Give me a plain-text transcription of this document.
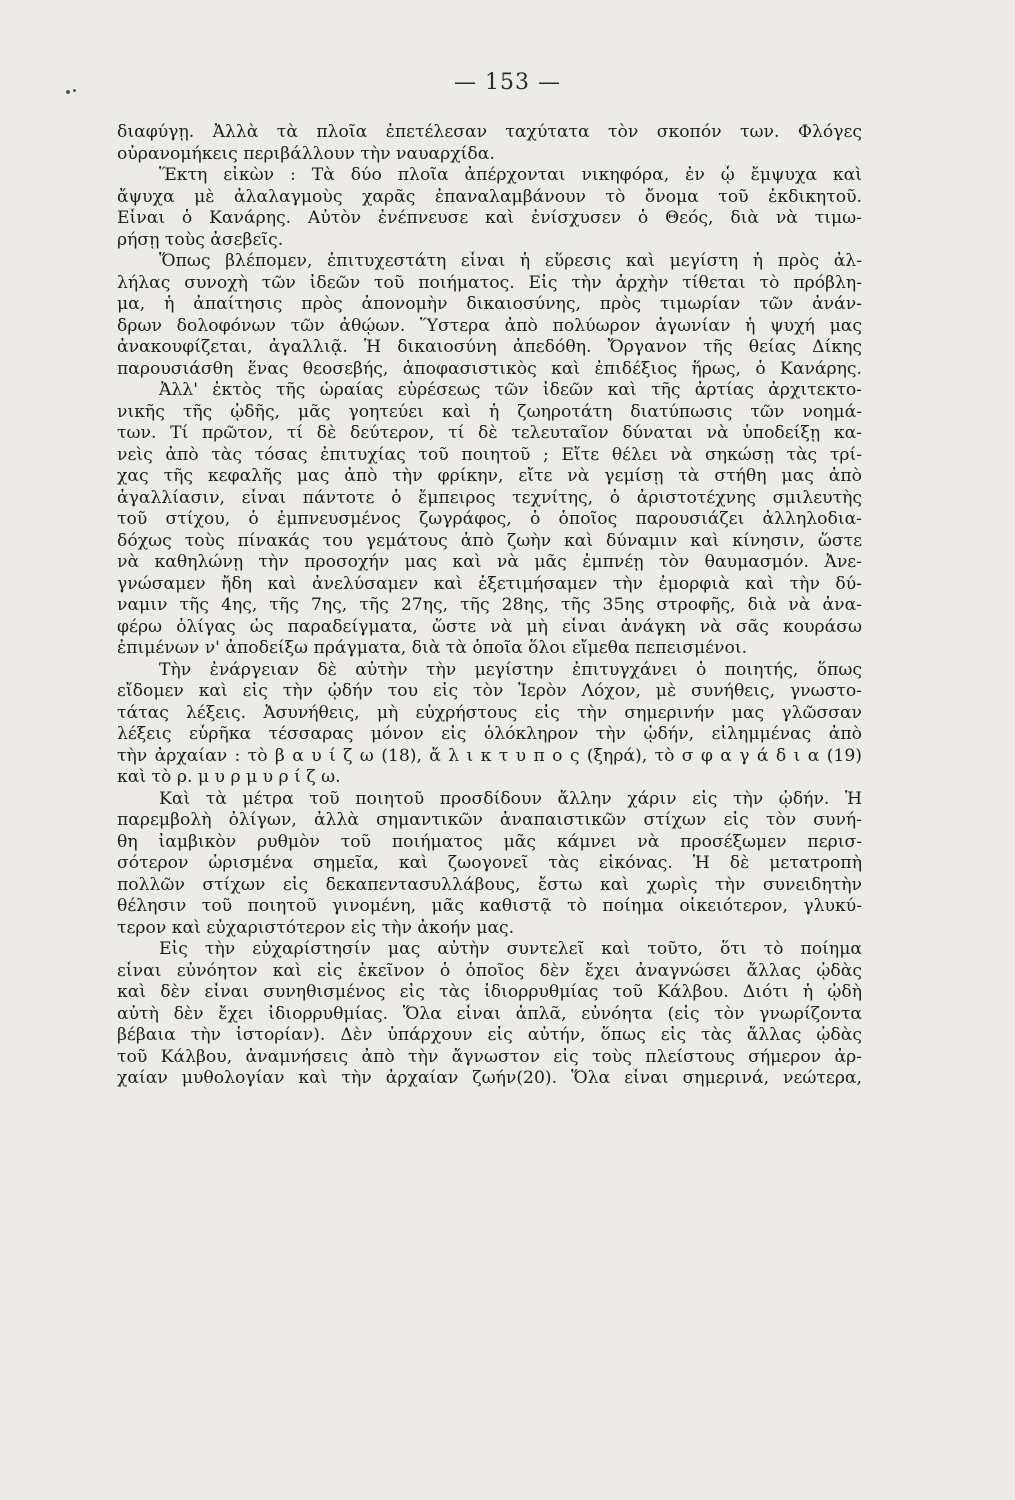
— 153 —
διαφύγῃ. Ἀλλὰ τὰ πλοῖα ἐπετέλεσαν ταχύτατα τὸν σκοπόν των. Φλόγες
οὐρανομήκεις περιβάλλουν τὴν ναυαρχίδα.
Ἕκτη εἰκὼν : Τὰ δύο πλοῖα ἀπέρχονται νικηφόρα, ἐν ᾧ ἔμψυχα καὶ
ἄψυχα μὲ ἀλαλαγμοὺς χαρᾶς ἐπαναλαμβάνουν τὸ ὄνομα τοῦ ἐκδικητοῦ.
Εἶναι ὁ Κανάρης. Αὐτὸν ἐνέπνευσε καὶ ἐνίσχυσεν ὁ Θεός, διὰ νὰ τιμω-
ρήσῃ τοὺς ἀσεβεῖς.
Ὅπως βλέπομεν, ἐπιτυχεστάτη εἶναι ἡ εὕρεσις καὶ μεγίστη ἡ πρὸς ἀλ-
λήλας συνοχὴ τῶν ἰδεῶν τοῦ ποιήματος. Εἰς τὴν ἀρχὴν τίθεται τὸ πρόβλη-
μα, ἡ ἀπαίτησις πρὸς ἀπονομὴν δικαιοσύνης, πρὸς τιμωρίαν τῶν ἀνάν-
δρων δολοφόνων τῶν ἀθῴων. Ὕστερα ἀπὸ πολύωρον ἀγωνίαν ἡ ψυχή μας
ἀνακουφίζεται, ἀγαλλιᾷ. Ἡ δικαιοσύνη ἀπεδόθη. Ὄργανον τῆς θείας Δίκης
παρουσιάσθη ἕνας θεοσεβής, ἀποφασιστικὸς καὶ ἐπιδέξιος ἥρως, ὁ Κανάρης.
Ἀλλ' ἐκτὸς τῆς ὡραίας εὑρέσεως τῶν ἰδεῶν καὶ τῆς ἀρτίας ἀρχιτεκτο-
νικῆς τῆς ᾠδῆς, μᾶς γοητεύει καὶ ἡ ζωηροτάτη διατύπωσις τῶν νοημά-
των. Τί πρῶτον, τί δὲ δεύτερον, τί δὲ τελευταῖον δύναται νὰ ὑποδείξῃ κα-
νεὶς ἀπὸ τὰς τόσας ἐπιτυχίας τοῦ ποιητοῦ ; Εἴτε θέλει νὰ σηκώσῃ τὰς τρί-
χας τῆς κεφαλῆς μας ἀπὸ τὴν φρίκην, εἴτε νὰ γεμίσῃ τὰ στήθη μας ἀπὸ
ἀγαλλίασιν, εἶναι πάντοτε ὁ ἔμπειρος τεχνίτης, ὁ ἀριστοτέχνης σμιλευτὴς
τοῦ στίχου, ὁ ἐμπνευσμένος ζωγράφος, ὁ ὁποῖος παρουσιάζει ἀλληλοδια-
δόχως τοὺς πίνακάς του γεμάτους ἀπὸ ζωὴν καὶ δύναμιν καὶ κίνησιν, ὥστε
νὰ καθηλώνῃ τὴν προσοχήν μας καὶ νὰ μᾶς ἐμπνέῃ τὸν θαυμασμόν. Ἀνε-
γνώσαμεν ἤδη καὶ ἀνελύσαμεν καὶ ἐξετιμήσαμεν τὴν ἐμορφιὰ καὶ τὴν δύ-
ναμιν τῆς 4ης, τῆς 7ης, τῆς 27ης, τῆς 28ης, τῆς 35ης στροφῆς, διὰ νὰ ἀνα-
φέρω ὀλίγας ὡς παραδείγματα, ὥστε νὰ μὴ εἶναι ἀνάγκη νὰ σᾶς κουράσω
ἐπιμένων ν' ἀποδείξω πράγματα, διὰ τὰ ὁποῖα ὅλοι εἴμεθα πεπεισμένοι.
Τὴν ἐνάργειαν δὲ αὐτὴν τὴν μεγίστην ἐπιτυγχάνει ὁ ποιητής, ὅπως
εἴδομεν καὶ εἰς τὴν ᾠδήν του εἰς τὸν Ἱερὸν Λόχον, μὲ συνήθεις, γνωστο-
τάτας λέξεις. Ἀσυνήθεις, μὴ εὐχρήστους εἰς τὴν σημερινήν μας γλῶσσαν
λέξεις εὗρῆκα τέσσαρας μόνον εἰς ὁλόκληρον τὴν ᾠδήν, εἰλημμένας ἀπὸ
τὴν ἀρχαίαν : τὸ β α υ ί ζ ω (18), ἄ λ ι κ τ υ π ο ς (ξηρά), τὸ σ φ α γ ά δ ι α (19)
καὶ τὸ ρ. μ υ ρ μ υ ρ ί ζ ω.
Καὶ τὰ μέτρα τοῦ ποιητοῦ προσδίδουν ἄλλην χάριν εἰς τὴν ᾠδήν. Ἡ
παρεμβολὴ ὀλίγων, ἀλλὰ σημαντικῶν ἀναπαιστικῶν στίχων εἰς τὸν συνή-
θη ἰαμβικὸν ρυθμὸν τοῦ ποιήματος μᾶς κάμνει νὰ προσέξωμεν περισ-
σότερον ὡρισμένα σημεῖα, καὶ ζωογονεῖ τὰς εἰκόνας. Ἡ δὲ μετατροπὴ
πολλῶν στίχων εἰς δεκαπεντασυλλάβους, ἔστω καὶ χωρὶς τὴν συνειδητὴν
θέλησιν τοῦ ποιητοῦ γινομένη, μᾶς καθιστᾷ τὸ ποίημα οἰκειότερον, γλυκύ-
τερον καὶ εὐχαριστότερον εἰς τὴν ἀκοήν μας.
Εἰς τὴν εὐχαρίστησίν μας αὐτὴν συντελεῖ καὶ τοῦτο, ὅτι τὸ ποίημα
εἶναι εὐνόητον καὶ εἰς ἐκεῖνον ὁ ὁποῖος δὲν ἔχει ἀναγνώσει ἄλλας ᾠδὰς
καὶ δὲν εἶναι συνηθισμένος εἰς τὰς ἰδιορρυθμίας τοῦ Κάλβου. Διότι ἡ ᾠδὴ
αὐτὴ δὲν ἔχει ἰδιορρυθμίας. Ὅλα εἶναι ἁπλᾶ, εὐνόητα (εἰς τὸν γνωρίζοντα
βέβαια τὴν ἱστορίαν). Δὲν ὑπάρχουν εἰς αὐτήν, ὅπως εἰς τὰς ἄλλας ᾠδὰς
τοῦ Κάλβου, ἀναμνήσεις ἀπὸ τὴν ἄγνωστον εἰς τοὺς πλείστους σήμερον ἀρ-
χαίαν μυθολογίαν καὶ τὴν ἀρχαίαν ζωήν(20). Ὅλα εἶναι σημερινά, νεώτερα,
